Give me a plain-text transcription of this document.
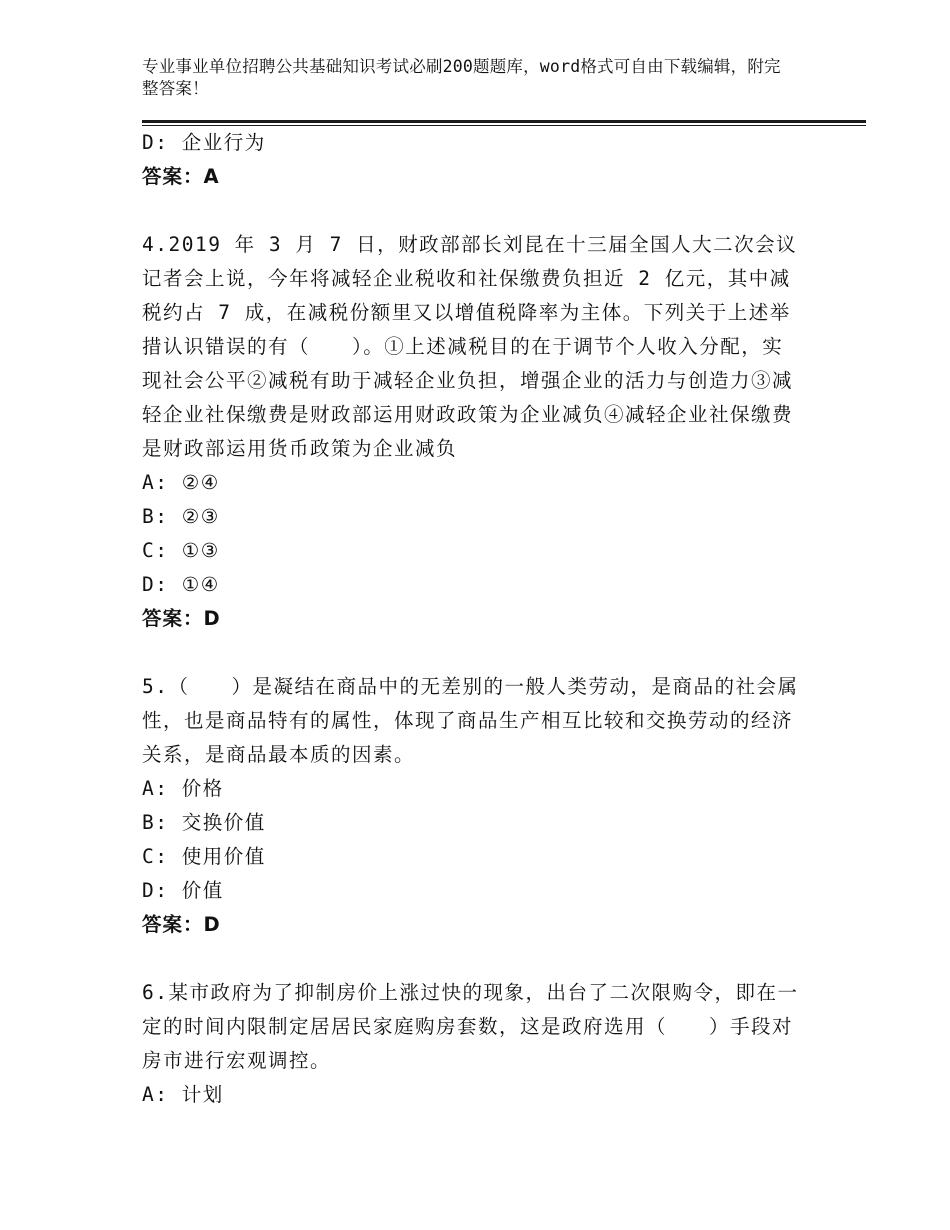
专业事业单位招聘公共基础知识考试必刷200题题库，word格式可自由下载编辑，附完整答案！
D: 企业行为
答案：A
4.2019 年 3 月 7 日，财政部部长刘昆在十三届全国人大二次会议记者会上说，今年将减轻企业税收和社保缴费负担近 2 亿元，其中减税约占 7 成，在减税份额里又以增值税降率为主体。下列关于上述举措认识错误的有（　　）。①上述减税目的在于调节个人收入分配，实现社会公平②减税有助于减轻企业负担，增强企业的活力与创造力③减轻企业社保缴费是财政部运用财政政策为企业减负④减轻企业社保缴费是财政部运用货币政策为企业减负
A: ②④
B: ②③
C: ①③
D: ①④
答案：D
5.（　　）是凝结在商品中的无差别的一般人类劳动，是商品的社会属性，也是商品特有的属性，体现了商品生产相互比较和交换劳动的经济关系，是商品最本质的因素。
A: 价格
B: 交换价值
C: 使用价值
D: 价值
答案：D
6.某市政府为了抑制房价上涨过快的现象，出台了二次限购令，即在一定的时间内限制定居居民家庭购房套数，这是政府选用（　　）手段对房市进行宏观调控。
A: 计划
